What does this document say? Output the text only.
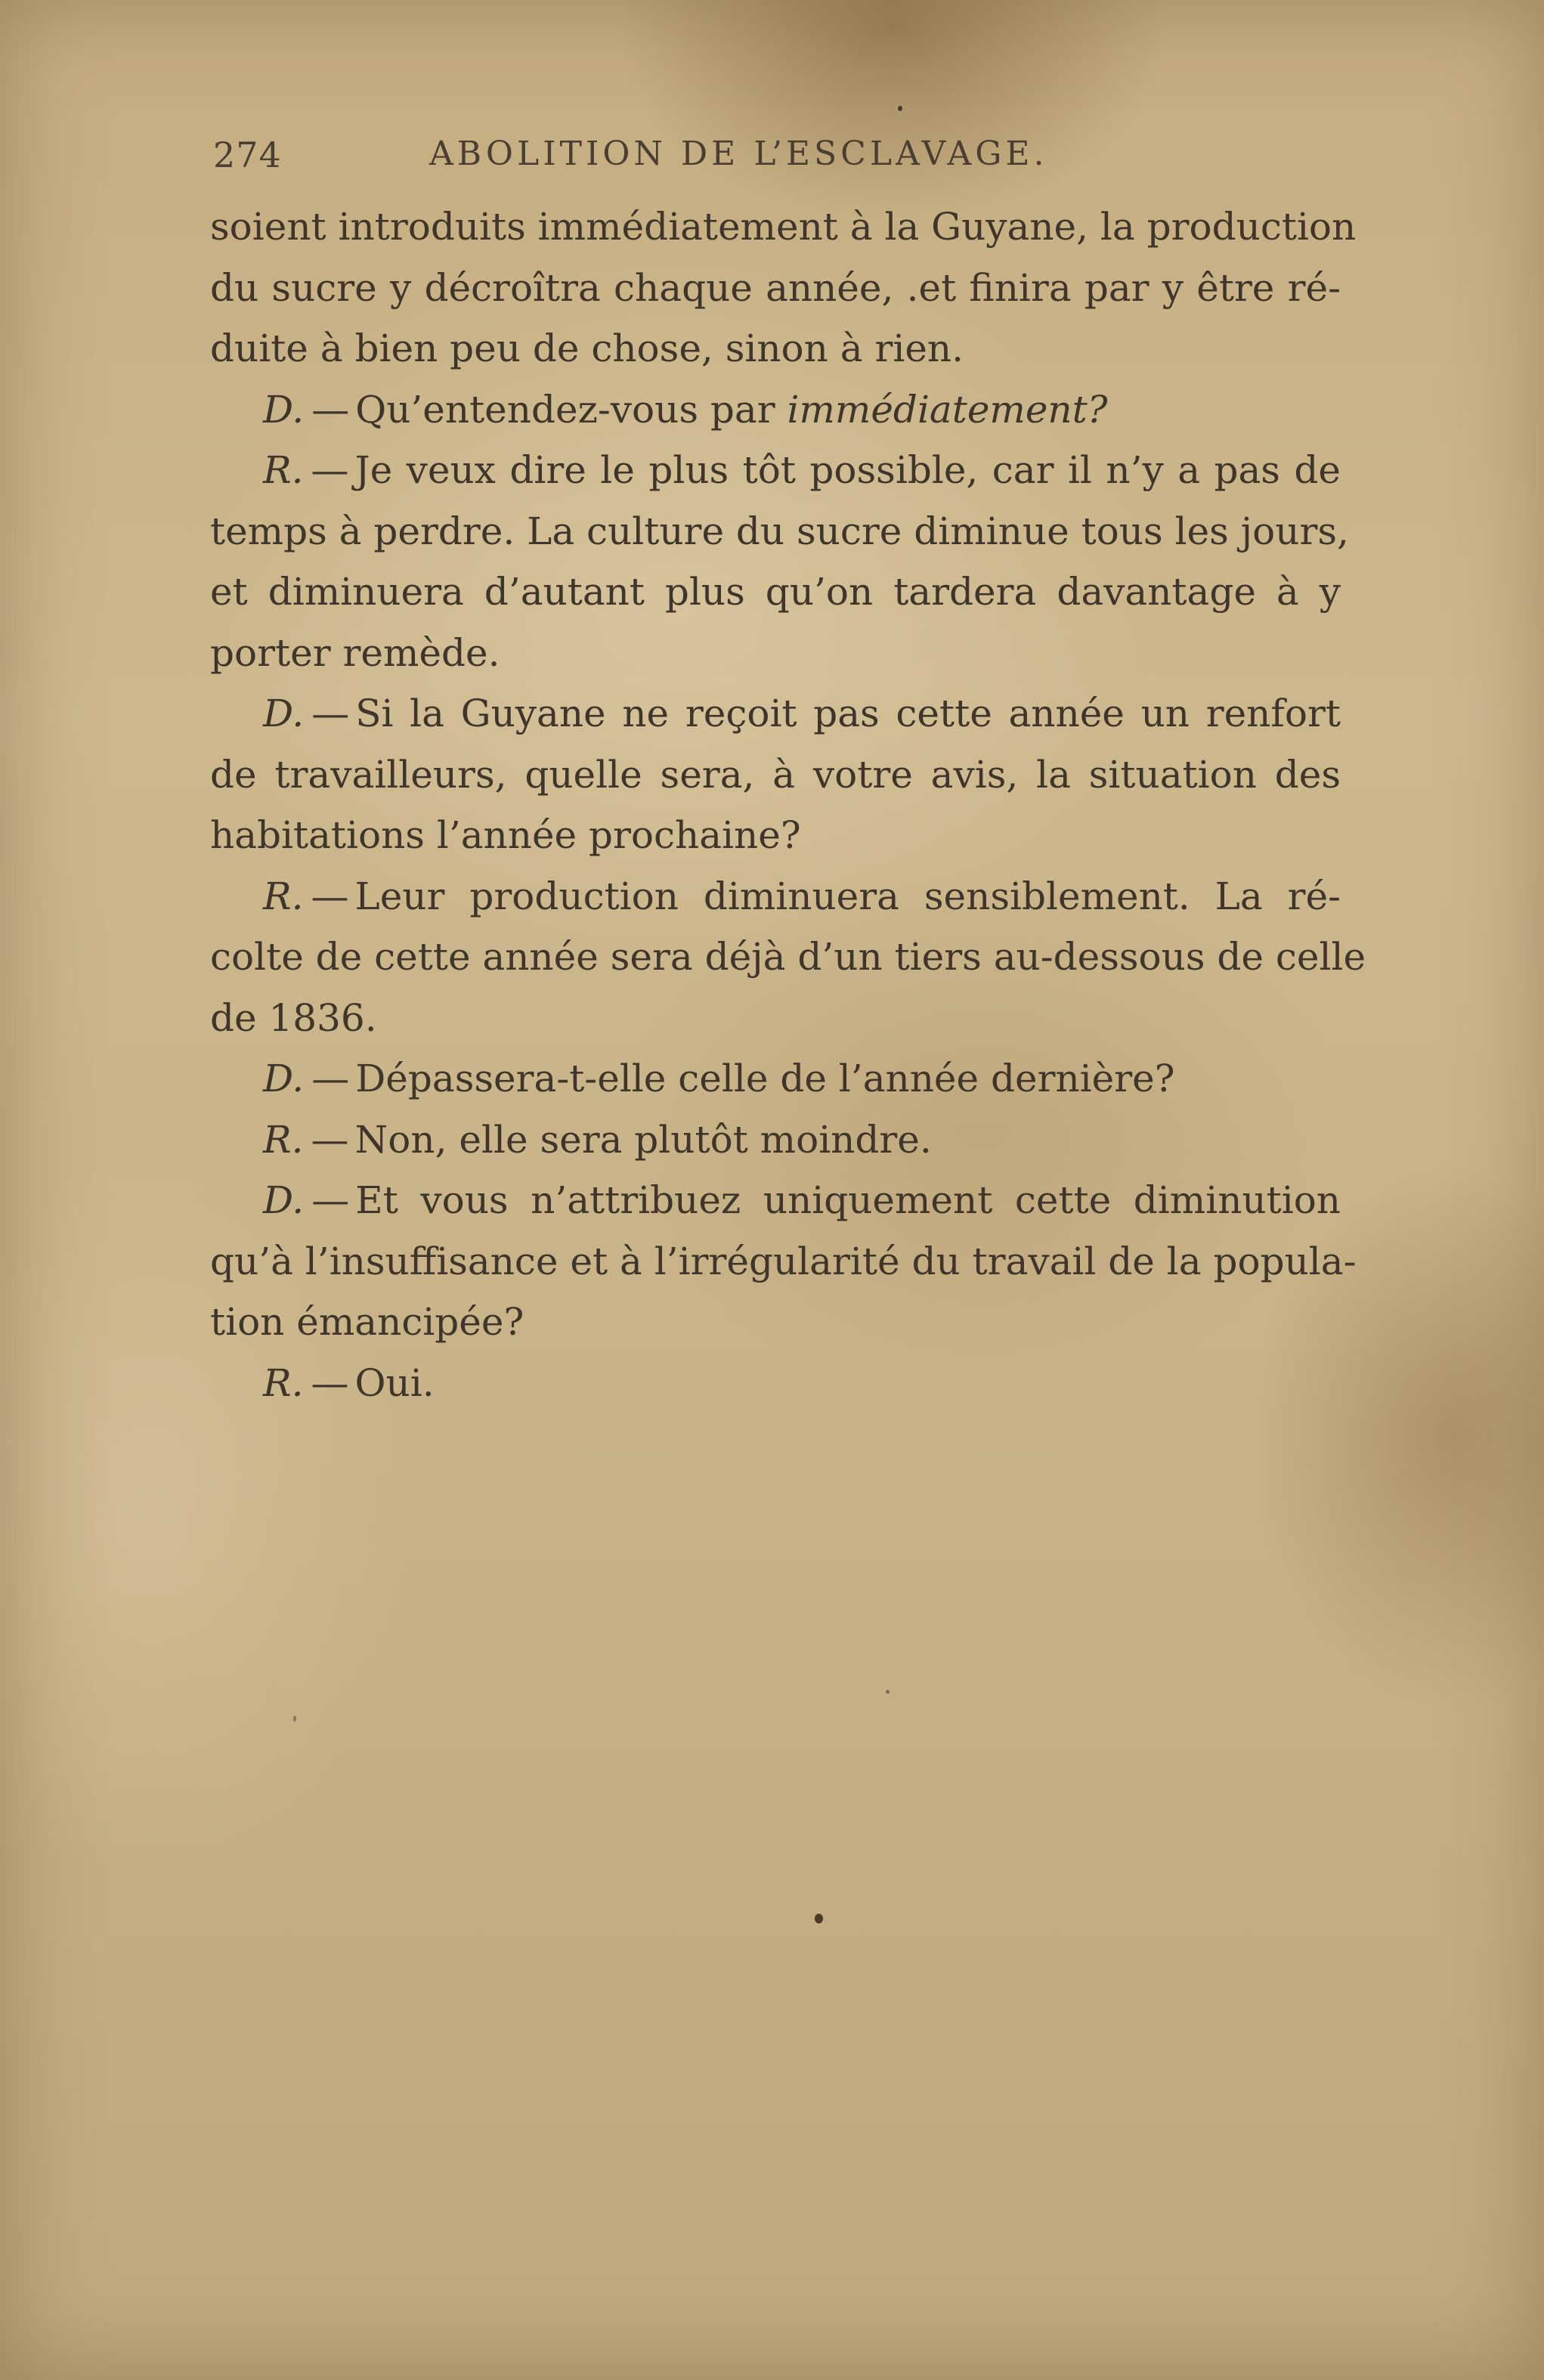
274	ABOLITION DE L’ESCLAVAGE.
soient introduits immédiatement à la Guyane, la production
du sucre y décroîtra chaque année, .et finira par y être ré-
duite à bien peu de chose, sinon à rien.
D. — Qu’entendez-vous par immédiatement?
R. — Je veux dire le plus tôt possible, car il n’y a pas de
temps à perdre. La culture du sucre diminue tous les jours,
et diminuera d’autant plus qu’on tardera davantage à y
porter remède.
D. — Si la Guyane ne reçoit pas cette année un renfort
de travailleurs, quelle sera, à votre avis, la situation des
habitations l’année prochaine?
R. — Leur production diminuera sensiblement. La ré-
colte de cette année sera déjà d’un tiers au-dessous de celle
de 1836.
D. — Dépassera-t-elle celle de l’année dernière?
R. — Non, elle sera plutôt moindre.
D. — Et vous n’attribuez uniquement cette diminution
qu’à l’insuffisance et à l’irrégularité du travail de la popula-
tion émancipée?
R. — Oui.
